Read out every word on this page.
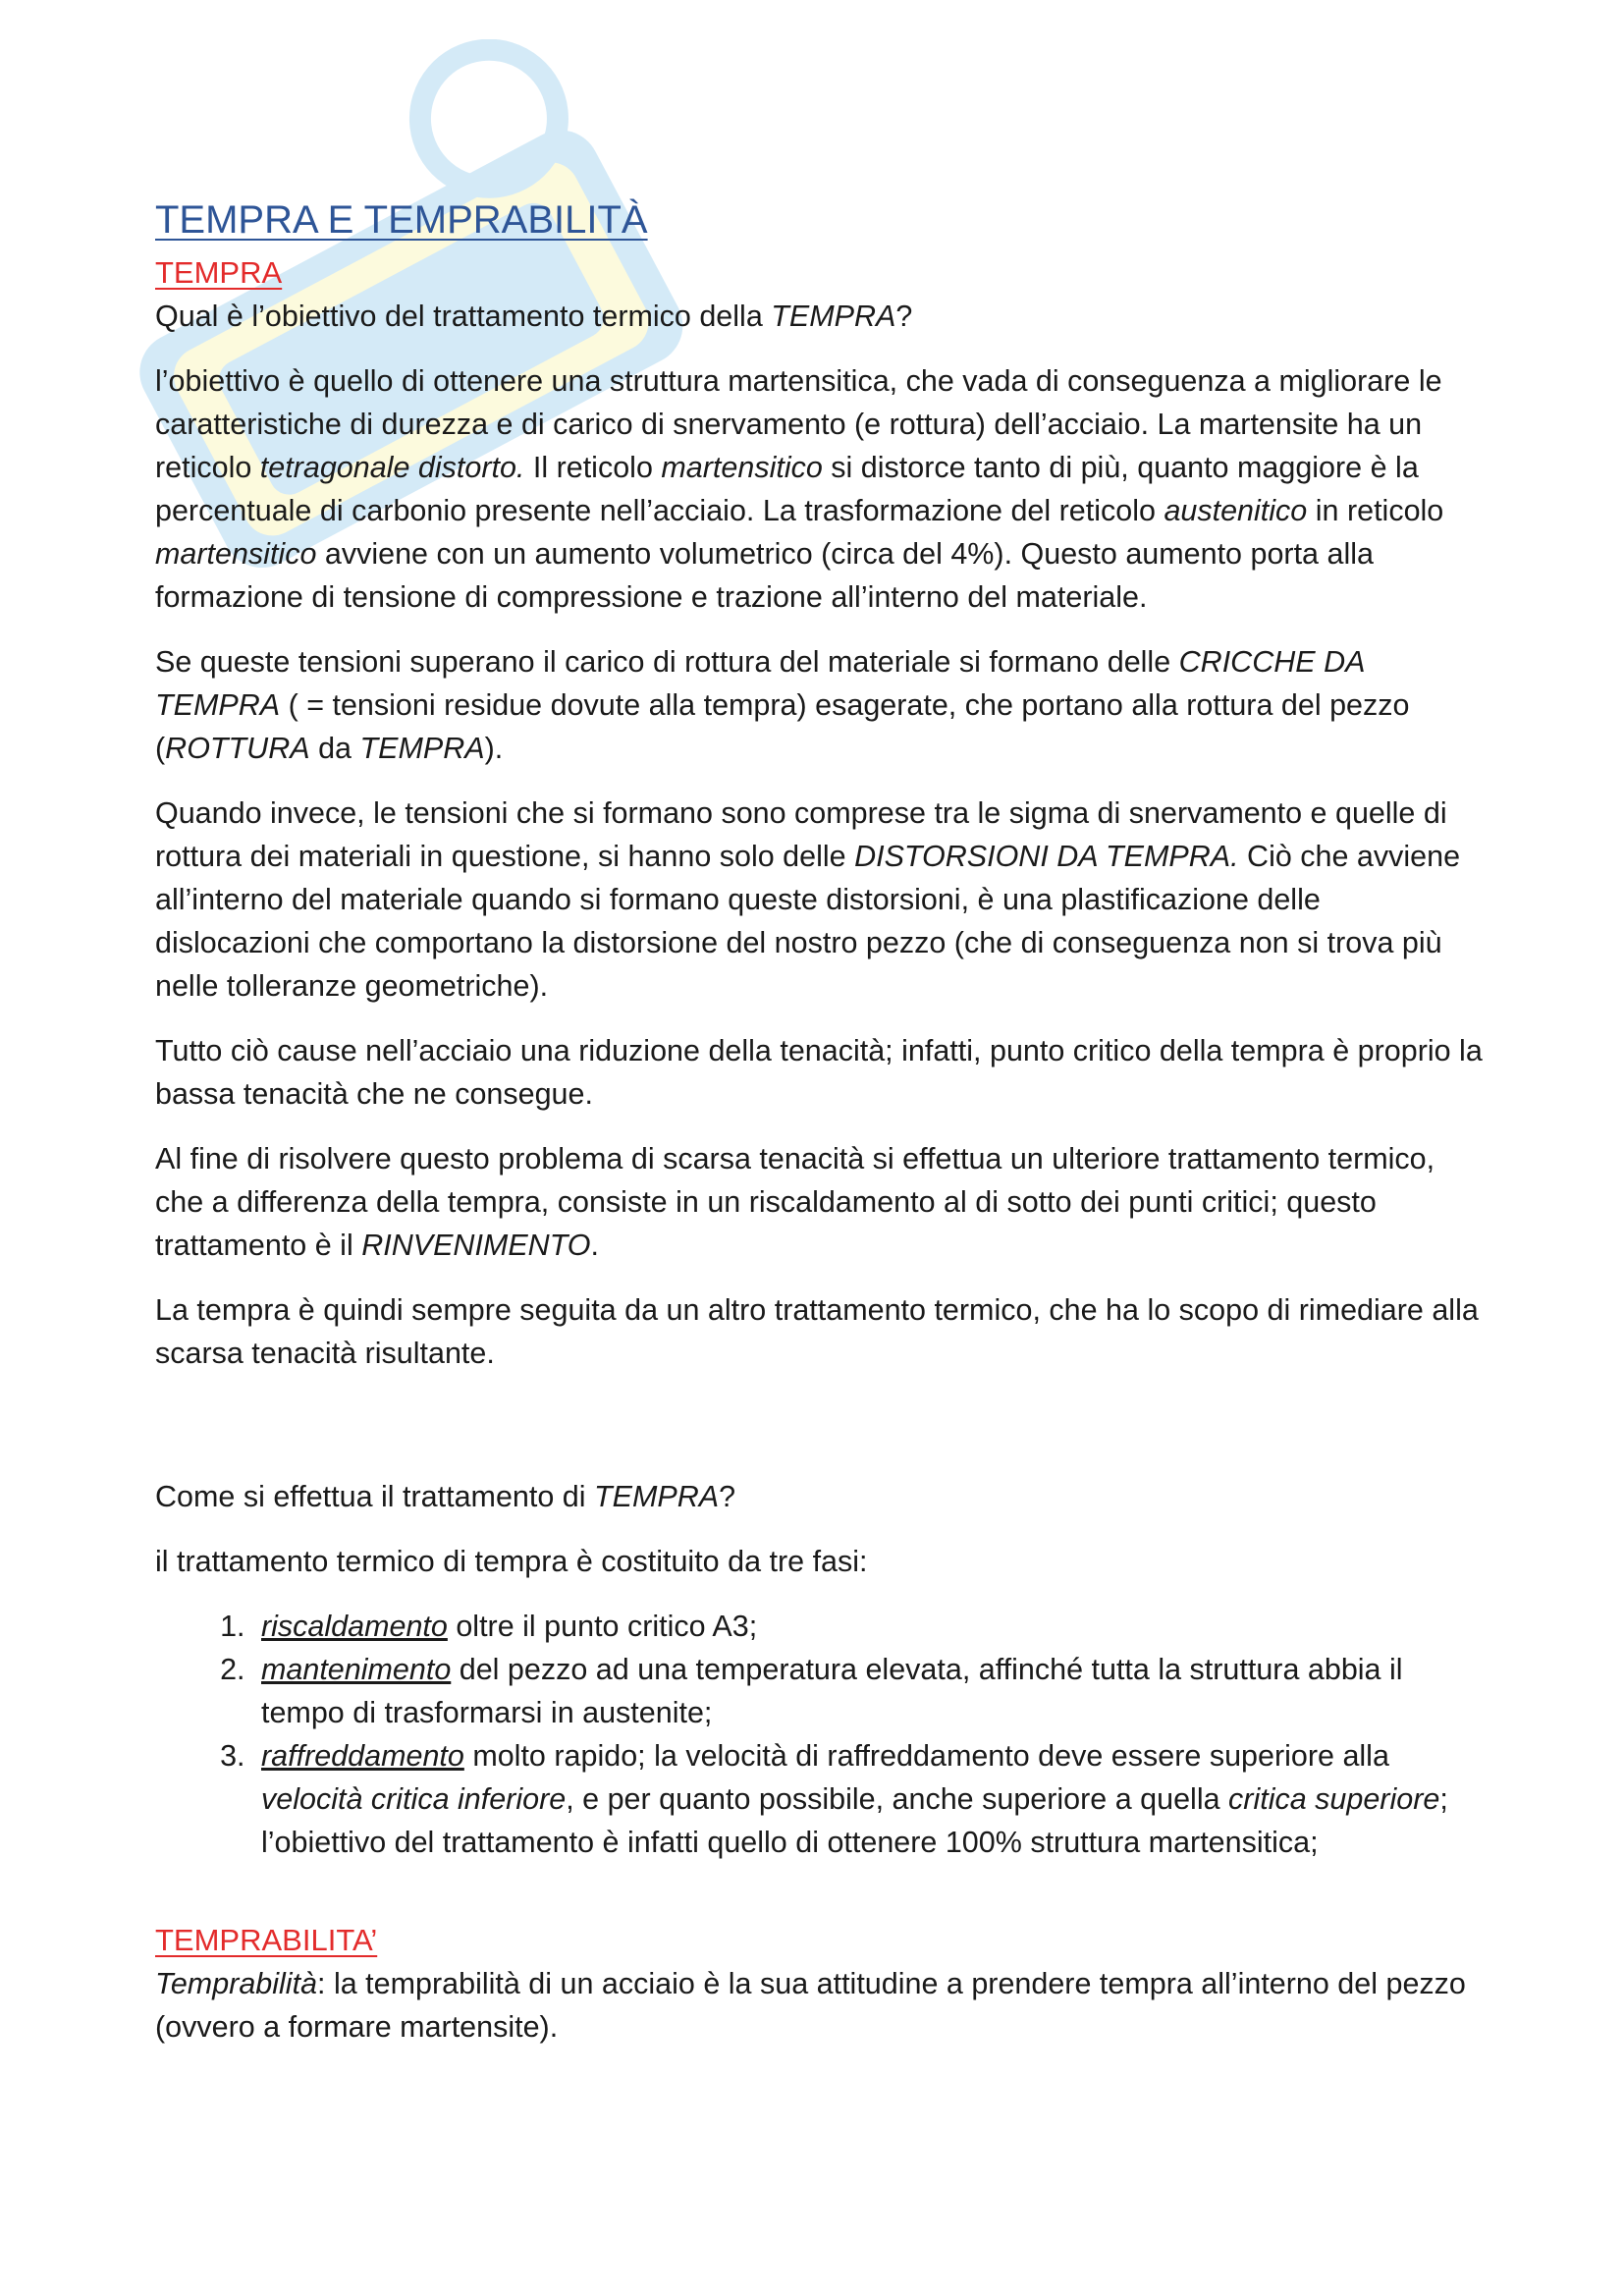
TEMPRA E TEMPRABILITÀ
TEMPRA

Qual è l’obiettivo del trattamento termico della TEMPRA?

l’obiettivo è quello di ottenere una struttura martensitica, che vada di conseguenza a migliorare le caratteristiche di durezza e di carico di snervamento (e rottura) dell’acciaio. La martensite ha un reticolo tetragonale distorto. Il reticolo martensitico si distorce tanto di più, quanto maggiore è la percentuale di carbonio presente nell’acciaio. La trasformazione del reticolo austenitico in reticolo martensitico avviene con un aumento volumetrico (circa del 4%). Questo aumento porta alla formazione di tensione di compressione e trazione all’interno del materiale.

Se queste tensioni superano il carico di rottura del materiale si formano delle CRICCHE DA TEMPRA ( = tensioni residue dovute alla tempra) esagerate, che portano alla rottura del pezzo (ROTTURA da TEMPRA).

Quando invece, le tensioni che si formano sono comprese tra le sigma di snervamento e quelle di rottura dei materiali in questione, si hanno solo delle DISTORSIONI DA TEMPRA. Ciò che avviene all’interno del materiale quando si formano queste distorsioni, è una plastificazione delle dislocazioni che comportano la distorsione del nostro pezzo (che di conseguenza non si trova più nelle tolleranze geometriche).

Tutto ciò cause nell’acciaio una riduzione della tenacità; infatti, punto critico della tempra è proprio la bassa tenacità che ne consegue.

Al fine di risolvere questo problema di scarsa tenacità si effettua un ulteriore trattamento termico, che a differenza della tempra, consiste in un riscaldamento al di sotto dei punti critici; questo trattamento è il RINVENIMENTO.

La tempra è quindi sempre seguita da un altro trattamento termico, che ha lo scopo di rimediare alla scarsa tenacità risultante.

Come si effettua il trattamento di TEMPRA?

il trattamento termico di tempra è costituito da tre fasi:

1. riscaldamento oltre il punto critico A3;
2. mantenimento del pezzo ad una temperatura elevata, affinché tutta la struttura abbia il tempo di trasformarsi in austenite;
3. raffreddamento molto rapido; la velocità di raffreddamento deve essere superiore alla velocità critica inferiore, e per quanto possibile, anche superiore a quella critica superiore; l’obiettivo del trattamento è infatti quello di ottenere 100% struttura martensitica;
TEMPRABILITA’

Temprabilità: la temprabilità di un acciaio è la sua attitudine a prendere tempra all’interno del pezzo (ovvero a formare martensite).
